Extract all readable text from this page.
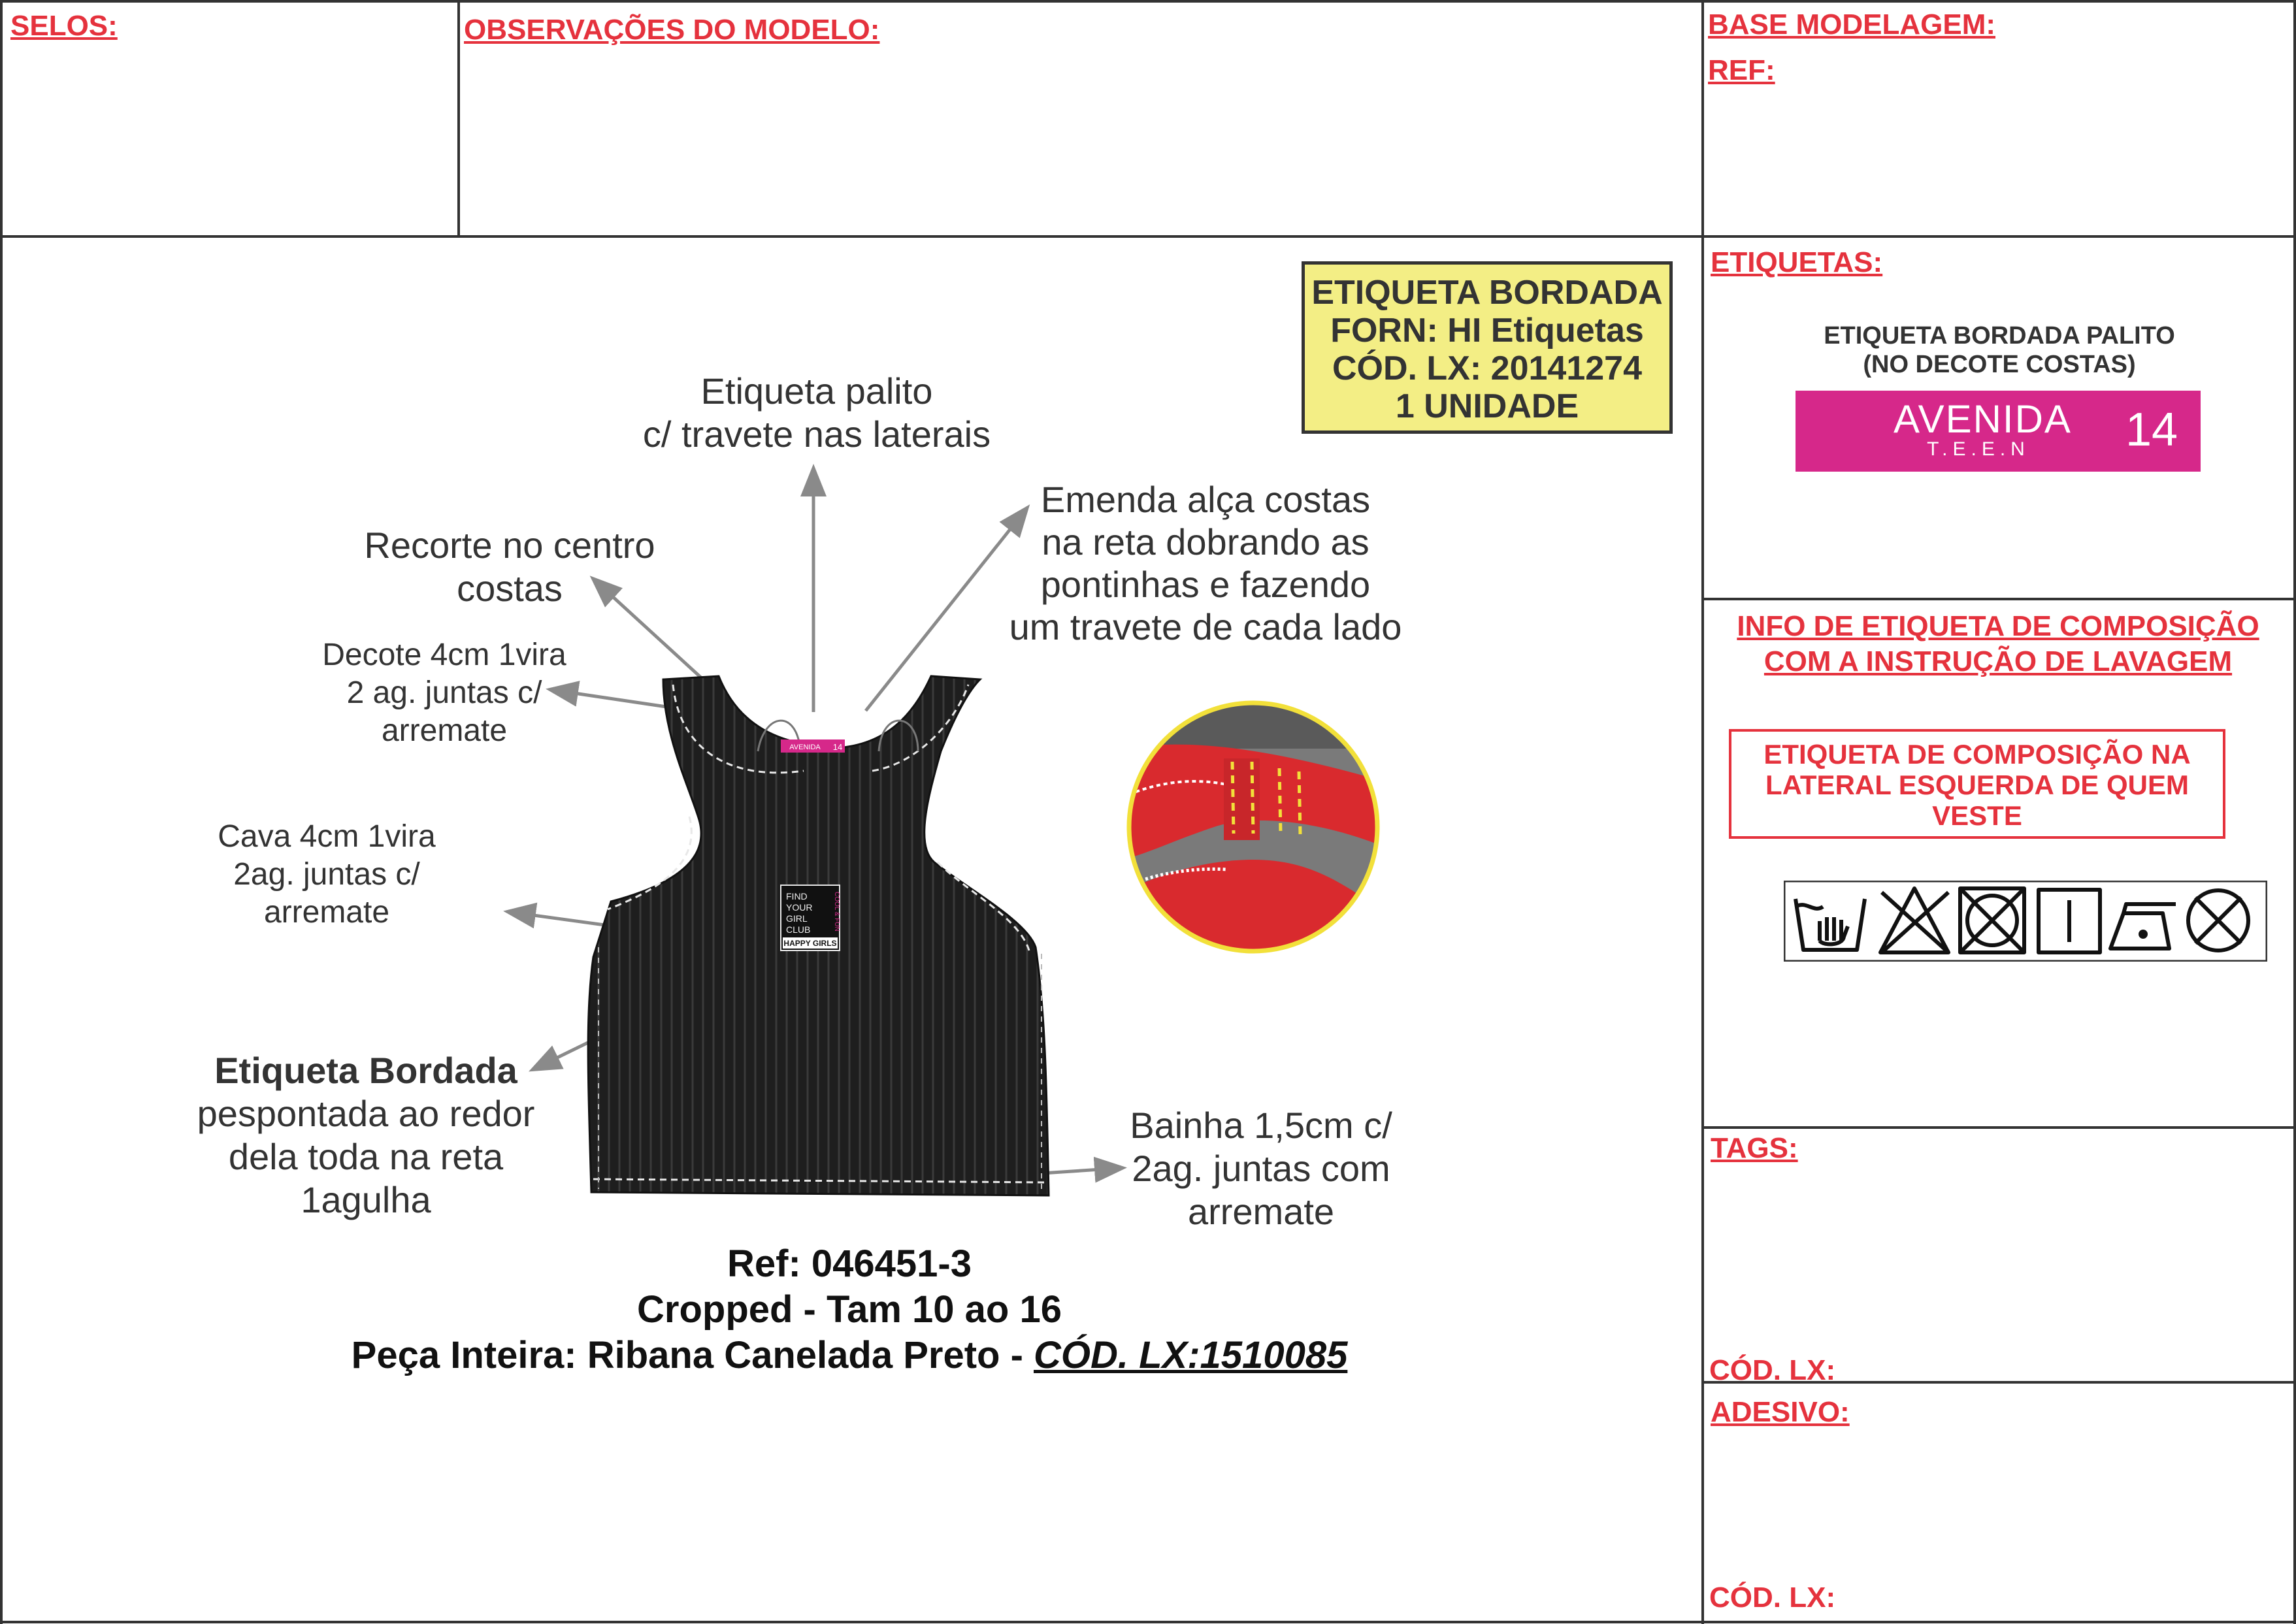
SELOS:	OBSERVAÇÕES DO MODELO:	BASE MODELAGEM:
REF:
ETIQUETA BORDADA
FORN: HI Etiquetas
CÓD. LX: 20141274
1 UNIDADE
Etiqueta palito
c/ travete nas laterais
Recorte no centro
costas
Emenda alça costas
na reta dobrando as
pontinhas e fazendo
um travete de cada lado
Decote 4cm 1vira
2 ag. juntas c/
arremate
Cava 4cm 1vira
2ag. juntas c/
arremate
Etiqueta Bordada
pespontada ao redor
dela toda na reta
1agulha
Bainha 1,5cm c/
2ag. juntas com
arremate
AVENIDA 14
FIND
YOUR
GIRL
CLUB	COOL & FUN
HAPPY GIRLS
Ref: 046451-3
Cropped - Tam 10 ao 16
Peça Inteira: Ribana Canelada Preto - CÓD. LX:1510085
ETIQUETAS:
ETIQUETA BORDADA PALITO
(NO DECOTE COSTAS)
AVENIDA
T.E.E.N	14
INFO DE ETIQUETA DE COMPOSIÇÃO
COM A INSTRUÇÃO DE LAVAGEM
ETIQUETA DE COMPOSIÇÃO NA
LATERAL ESQUERDA DE QUEM
VESTE
TAGS:
CÓD. LX:
ADESIVO:
CÓD. LX:
